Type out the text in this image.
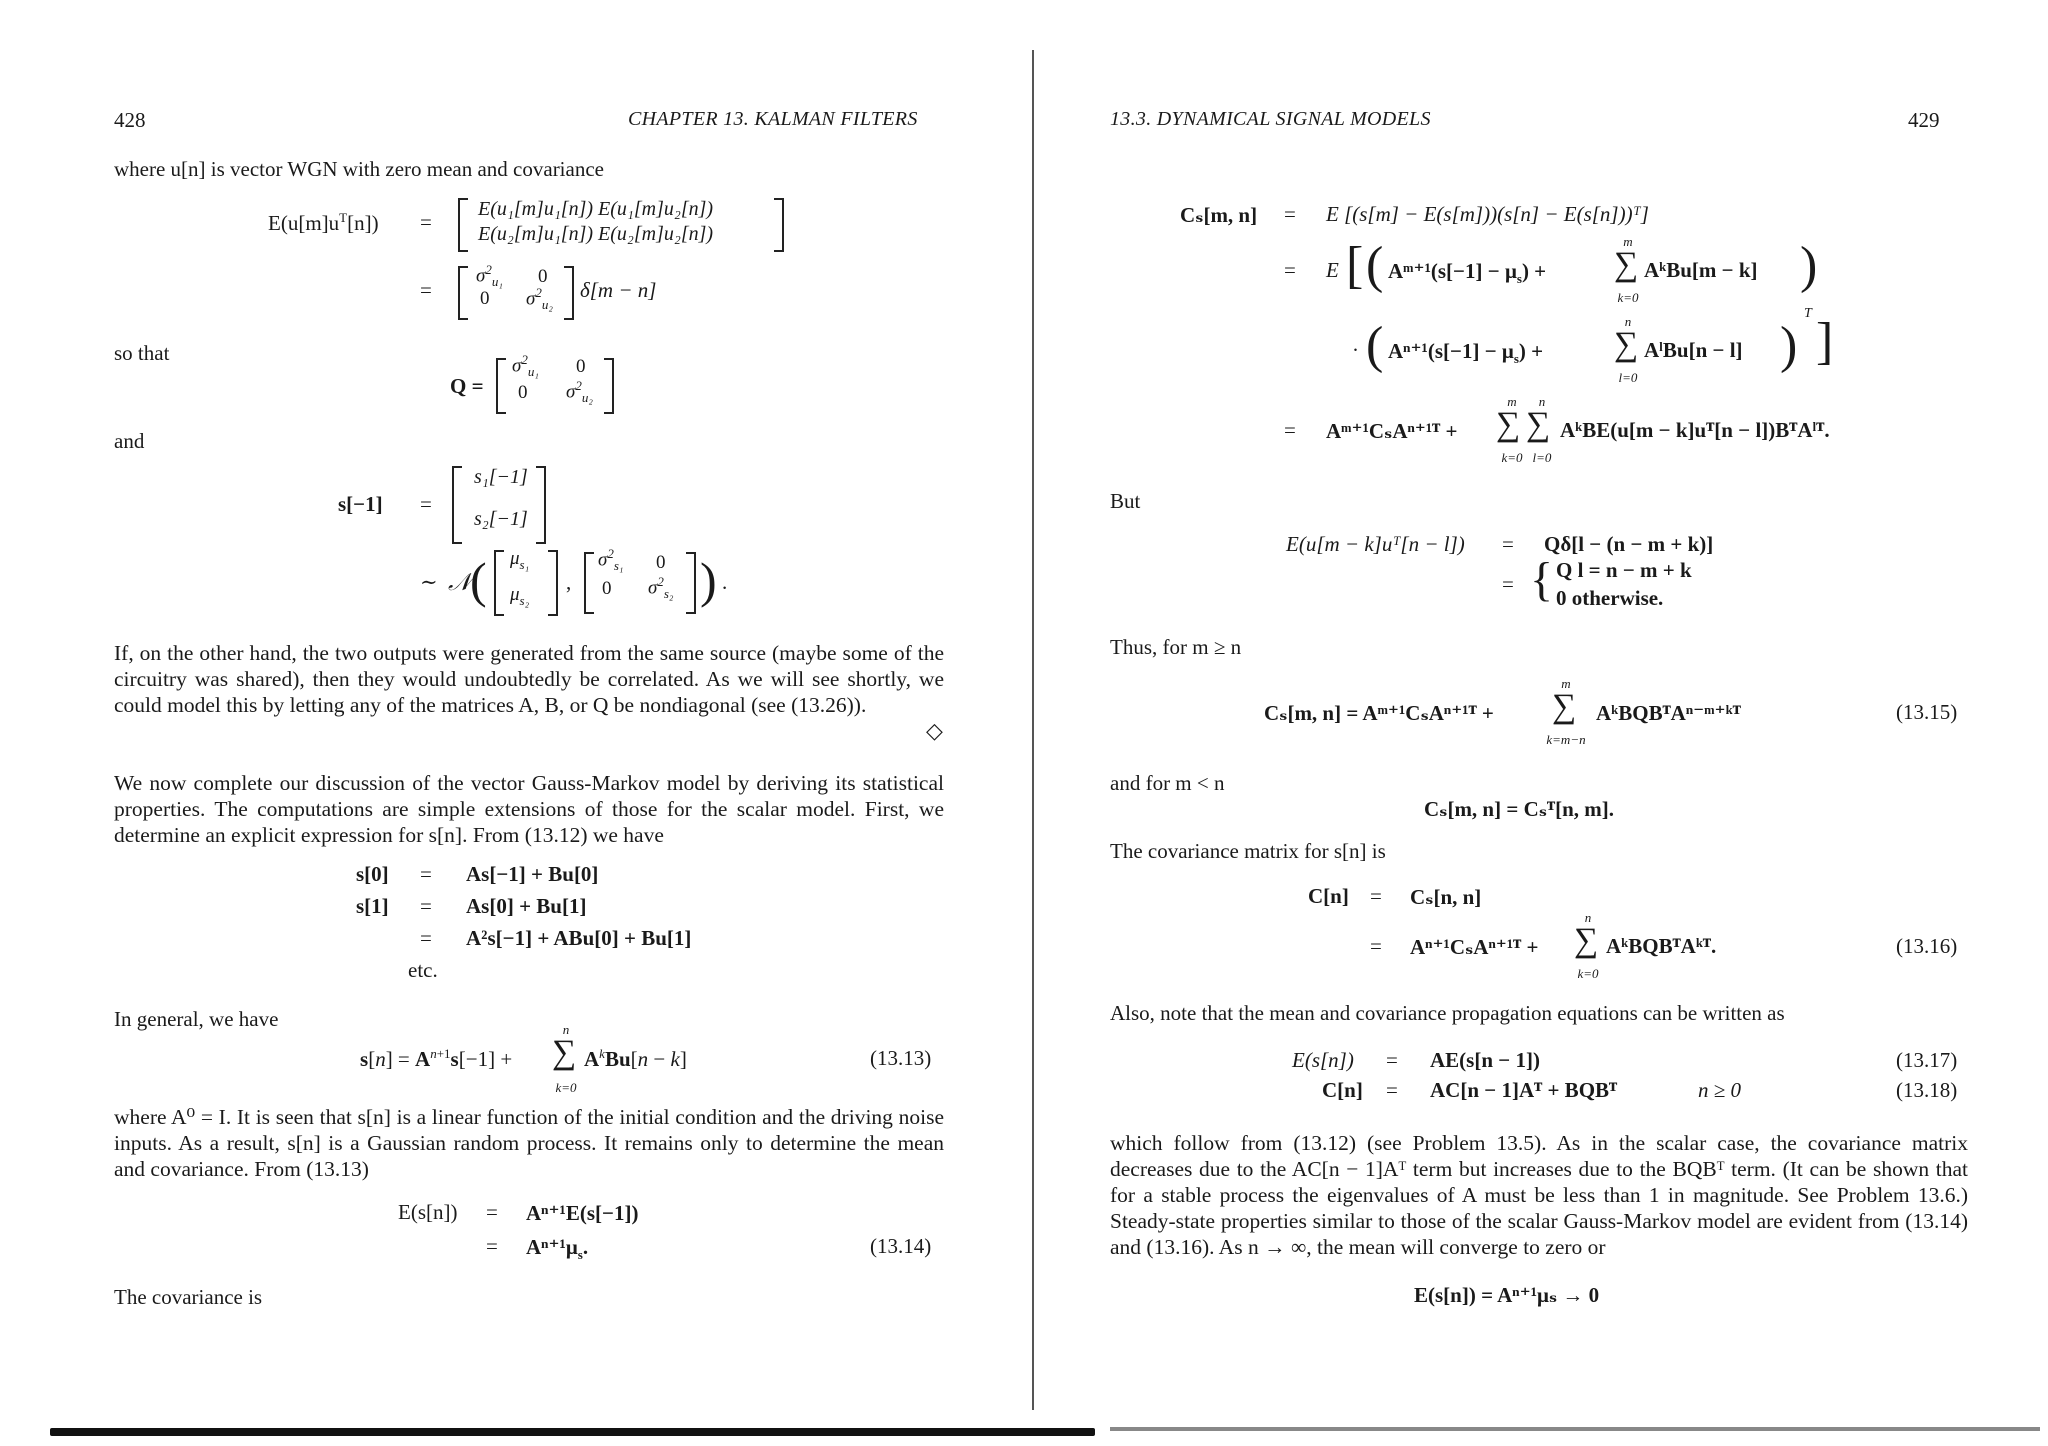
428	CHAPTER 13. KALMAN FILTERS
where u[n] is vector WGN with zero mean and covariance
$E(u[m]u^T[n])$ =
E(u₁[m]u₁[n]) E(u₁[m]u₂[n])
E(u₂[m]u₁[n]) E(u₂[m]u₂[n])
=
$\sigma^2_{u_1}$ 0
0 $\sigma^2_{u_2}$
δ[m − n]
so that
Q =
$\sigma^2_{u_1}$ 0
0 $\sigma^2_{u_2}$
and
s[−1] =
s₁[−1]
s₂[−1]
∼ 𝒩 ( $\mu_{s_1}$
$\mu_{s_2}$
,
$\sigma^2_{s_1}$ 0
0 $\sigma^2_{s_2}$ ) .
If, on the other hand, the two outputs were generated from the same source (maybe some of the circuitry was shared), then they would undoubtedly be correlated. As we will see shortly, we could model this by letting any of the matrices A, B, or Q be nondiagonal (see (13.26)).
◇
We now complete our discussion of the vector Gauss-Markov model by deriving its statistical properties. The computations are simple extensions of those for the scalar model. First, we determine an explicit expression for s[n]. From (13.12) we have
s[0] = As[−1] + Bu[0]
s[1] = As[0] + Bu[1]
= A²s[−1] + ABu[0] + Bu[1]
etc.
In general, we have
$s[n] = A^{n+1}s[-1]$ +
n
∑
k=0
$A^kBu[n - k]$	(13.13)
where A⁰ = I. It is seen that s[n] is a linear function of the initial condition and the driving noise inputs. As a result, s[n] is a Gaussian random process. It remains only to determine the mean and covariance. From (13.13)
E(s[n]) = Aⁿ⁺¹E(s[−1])
= $A^{n+1}\mu_s$.	(13.14)
The covariance is
13.3. DYNAMICAL SIGNAL MODELS	429
Cₛ[m, n] = E [(s[m] − E(s[m]))(s[n] − E(s[n]))ᵀ]
= E [ ( Aᵐ⁺¹(s[−1] − $\mu_s$) +
m
∑
k=0
AᵏBu[m − k] )
· ( $A^{n+1}(s[-1] - \mu_s)$ +
n
∑
l=0
AˡBu[n − l] )
T ]
= Aᵐ⁺¹CₛAⁿ⁺¹ᵀ +
m
∑
k=0
n
∑
l=0
AᵏBE(u[m − k]uᵀ[n − l])BᵀAˡᵀ.
But
E(u[m − k]uᵀ[n − l]) = Qδ[l − (n − m + k)]
= { Q l = n − m + k
0 otherwise.
Thus, for m ≥ n
Cₛ[m, n] = Aᵐ⁺¹CₛAⁿ⁺¹ᵀ +
m
∑
k=m−n
AᵏBQBᵀAⁿ⁻ᵐ⁺ᵏᵀ	(13.15)
and for m < n
Cₛ[m, n] = Cₛᵀ[n, m].
The covariance matrix for s[n] is
C[n] = Cₛ[n, n]
= Aⁿ⁺¹CₛAⁿ⁺¹ᵀ +
n
∑
k=0
AᵏBQBᵀAᵏᵀ.	(13.16)
Also, note that the mean and covariance propagation equations can be written as
E(s[n]) = AE(s[n − 1])	(13.17)
C[n] = AC[n − 1]Aᵀ + BQBᵀ	n ≥ 0	(13.18)
which follow from (13.12) (see Problem 13.5). As in the scalar case, the covariance matrix decreases due to the AC[n − 1]Aᵀ term but increases due to the BQBᵀ term. (It can be shown that for a stable process the eigenvalues of A must be less than 1 in magnitude. See Problem 13.6.) Steady-state properties similar to those of the scalar Gauss-Markov model are evident from (13.14) and (13.16). As n → ∞, the mean will converge to zero or
E(s[n]) = Aⁿ⁺¹μₛ → 0
